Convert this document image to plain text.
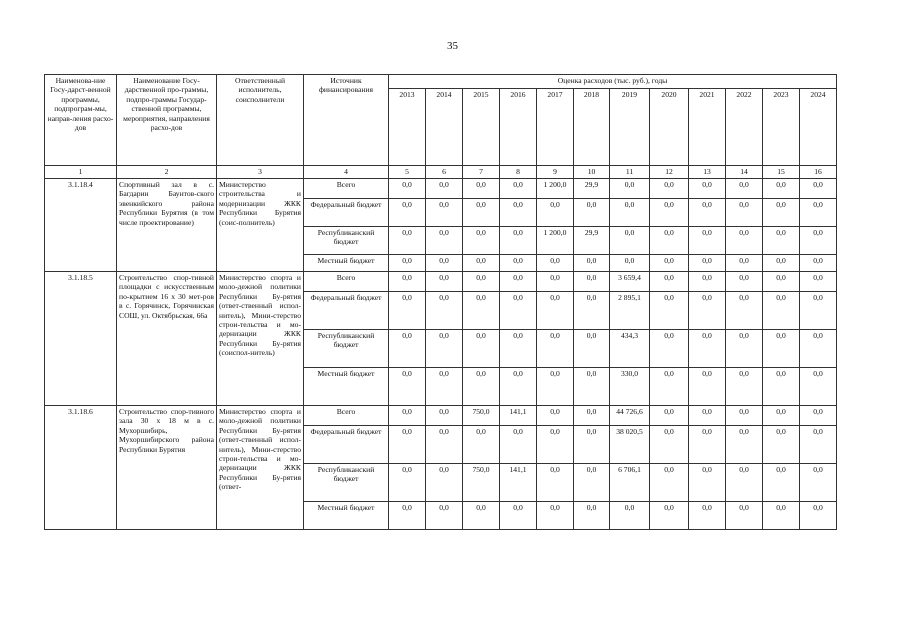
35
Наименова-ние Госу-дарст-венной программы, подпрограм-мы, направ-ления расхо-дов	Наименование Госу-дарственной про-граммы, подпро-граммы Государ-ственной программы, мероприятия, направления расхо-дов	Ответственный исполнитель, соисполнители	Источник финансирования	Оценка расходов (тыс. руб.), годы											
				2013	2014	2015	2016	2017	2018	2019	2020	2021	2022	2023	2024
1	2	3	4	5	6	7	8	9	10	11	12	13	14	15	16
3.1.18.4	Спортивный зал в с. Багдарин Баунтов-ского эвенкийского района Республики Бурятия (в том числе проектирование)	Министерство строительства и модернизации ЖКК Республики Бурятия (соис-полнитель)	Всего	0,0	0,0	0,0	0,0	1 200,0	29,9	0,0	0,0	0,0	0,0	0,0	0,0
			Федеральный бюджет	0,0	0,0	0,0	0,0	0,0	0,0	0,0	0,0	0,0	0,0	0,0	0,0
			Республиканский бюджет	0,0	0,0	0,0	0,0	1 200,0	29,9	0,0	0,0	0,0	0,0	0,0	0,0
			Местный бюджет	0,0	0,0	0,0	0,0	0,0	0,0	0,0	0,0	0,0	0,0	0,0	0,0
3.1.18.5	Строительство спор-тивной площадки с искусственным по-крытием 16 х 30 мет-ров в с. Горячинск, Горячинская СОШ, ул. Октябрьская, 66а	Министерство спорта и моло-дежной политики Республики Бу-рятия (ответ-ственный испол-нитель), Мини-стерство строи-тельства и мо-дернизации ЖКК Республики Бу-рятия (соиспол-нитель)	Всего	0,0	0,0	0,0	0,0	0,0	0,0	3 659,4	0,0	0,0	0,0	0,0	0,0
			Федеральный бюджет	0,0	0,0	0,0	0,0	0,0	0,0	2 895,1	0,0	0,0	0,0	0,0	0,0
			Республиканский бюджет	0,0	0,0	0,0	0,0	0,0	0,0	434,3	0,0	0,0	0,0	0,0	0,0
			Местный бюджет	0,0	0,0	0,0	0,0	0,0	0,0	330,0	0,0	0,0	0,0	0,0	0,0
3.1.18.6	Строительство спор-тивного зала 30 х 18 м в с. Мухоршибирь, Мухоршибирского района Республики Бурятия	Министерство спорта и моло-дежной политики Республики Бу-рятия (ответ-ственный испол-нитель), Мини-стерство строи-тельства и мо-дернизации ЖКК Республики Бу-рятия (ответ-	Всего	0,0	0,0	750,0	141,1	0,0	0,0	44 726,6	0,0	0,0	0,0	0,0	0,0
			Федеральный бюджет	0,0	0,0	0,0	0,0	0,0	0,0	38 020,5	0,0	0,0	0,0	0,0	0,0
			Республиканский бюджет	0,0	0,0	750,0	141,1	0,0	0,0	6 706,1	0,0	0,0	0,0	0,0	0,0
			Местный бюджет	0,0	0,0	0,0	0,0	0,0	0,0	0,0	0,0	0,0	0,0	0,0	0,0
